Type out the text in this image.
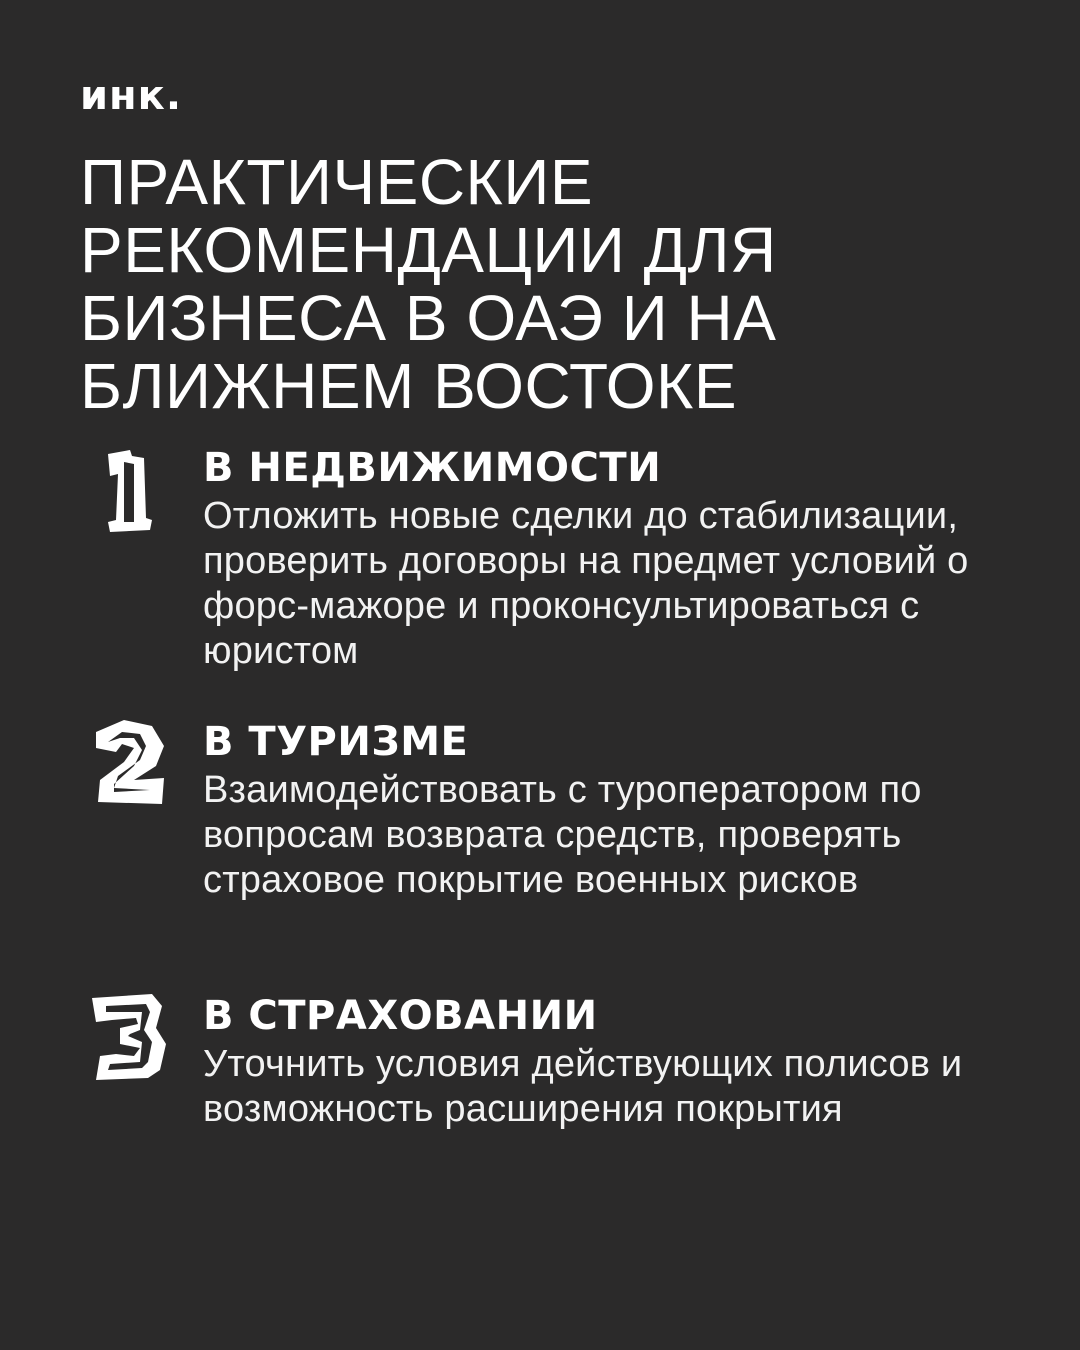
инк.
ПРАКТИЧЕСКИЕ
РЕКОМЕНДАЦИИ ДЛЯ
БИЗНЕСА В ОАЭ И НА
БЛИЖНЕМ ВОСТОКЕ
В НЕДВИЖИМОСТИ

Отложить новые сделки до стабилизации, проверить договоры на предмет условий о форс-мажоре и проконсультироваться с юристом

В ТУРИЗМЕ

Взаимодействовать с туроператором по вопросам возврата средств, проверять страховое покрытие военных рисков

В СТРАХОВАНИИ

Уточнить условия действующих полисов и возможность расширения покрытия
